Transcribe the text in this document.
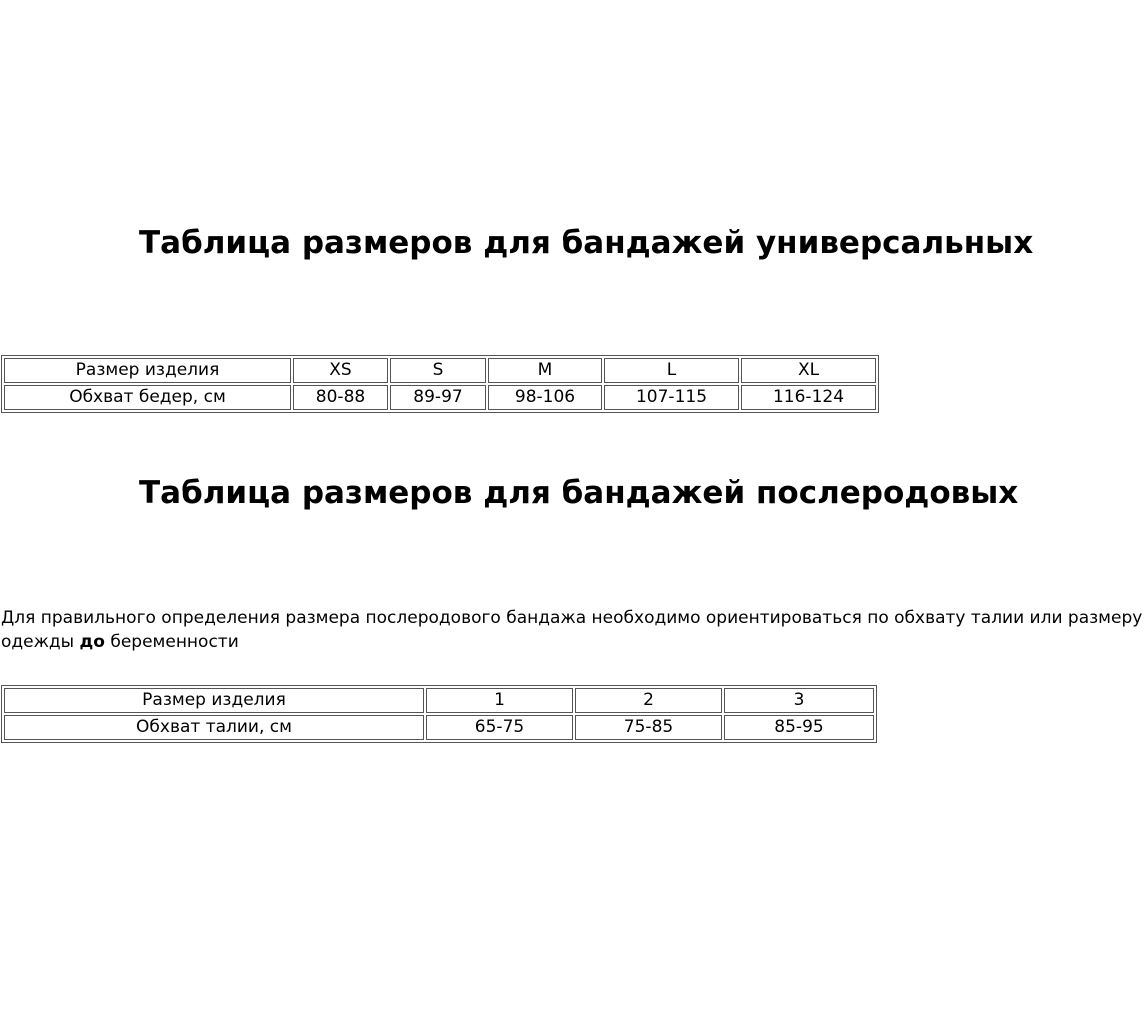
Таблица размеров для бандажей универсальных
Размер изделия	XS	S	M	L	XL
Обхват бедер, см	80-88	89-97	98-106	107-115	116-124
Таблица размеров для бандажей послеродовых

Для правильного определения размера послеродового бандажа необходимо ориентироваться по обхвату талии или размеру одежды до беременности

Размер изделия	1	2	3
Обхват талии, см	65-75	75-85	85-95
